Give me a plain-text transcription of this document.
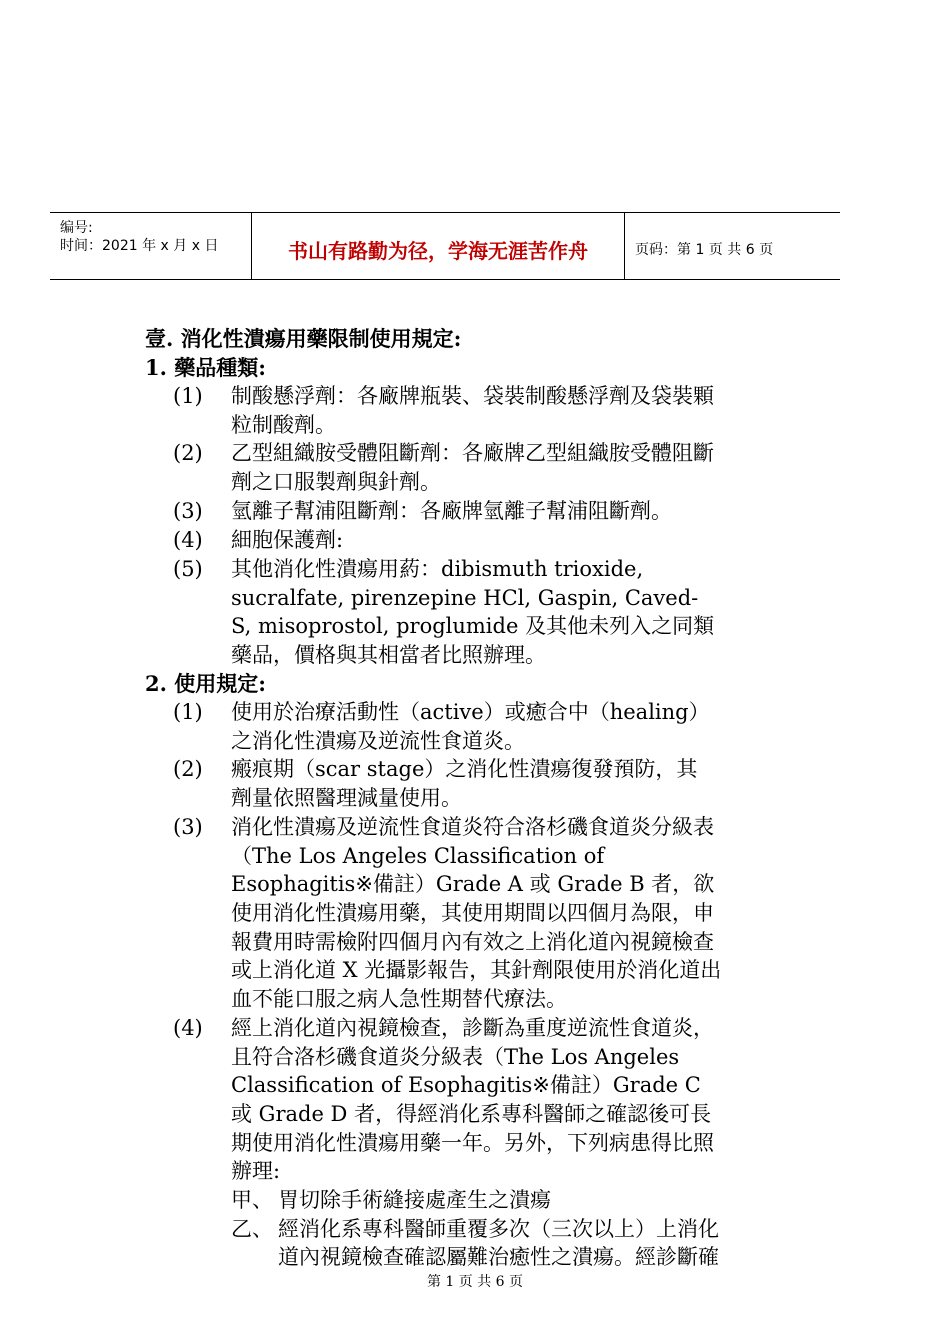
编号:
时间：2021 年 x 月 x 日	书山有路勤为径，学海无涯苦作舟	页码：第 1 页 共 6 页
壹. 消化性潰瘍用藥限制使用規定:
1. 藥品種類:
(1) 制酸懸浮劑：各廠牌瓶裝、袋裝制酸懸浮劑及袋裝顆
粒制酸劑。
(2) 乙型組織胺受體阻斷劑：各廠牌乙型組織胺受體阻斷
劑之口服製劑與針劑。
(3) 氫離子幫浦阻斷劑：各廠牌氫離子幫浦阻斷劑。
(4) 細胞保護劑:
(5) 其他消化性潰瘍用葯：dibismuth trioxide,
sucralfate, pirenzepine HCl, Gaspin, Caved-
S, misoprostol, proglumide 及其他未列入之同類
藥品，價格與其相當者比照辦理。
2. 使用規定:
(1) 使用於治療活動性（active）或癒合中（healing）
之消化性潰瘍及逆流性食道炎。
(2) 瘢痕期（scar stage）之消化性潰瘍復發預防，其
劑量依照醫理減量使用。
(3) 消化性潰瘍及逆流性食道炎符合洛杉磯食道炎分級表
（The Los Angeles Classification of
Esophagitis※備註）Grade A 或 Grade B 者，欲
使用消化性潰瘍用藥，其使用期間以四個月為限，申
報費用時需檢附四個月內有效之上消化道內視鏡檢查
或上消化道 X 光攝影報告，其針劑限使用於消化道出
血不能口服之病人急性期替代療法。
(4) 經上消化道內視鏡檢查，診斷為重度逆流性食道炎，
且符合洛杉磯食道炎分級表（The Los Angeles
Classification of Esophagitis※備註）Grade C
或 Grade D 者，得經消化系專科醫師之確認後可長
期使用消化性潰瘍用藥一年。另外，下列病患得比照
辦理:
甲、 胃切除手術縫接處產生之潰瘍
乙、 經消化系專科醫師重覆多次（三次以上）上消化
道內視鏡檢查確認屬難治癒性之潰瘍。經診斷確
第 1 页 共 6 页
